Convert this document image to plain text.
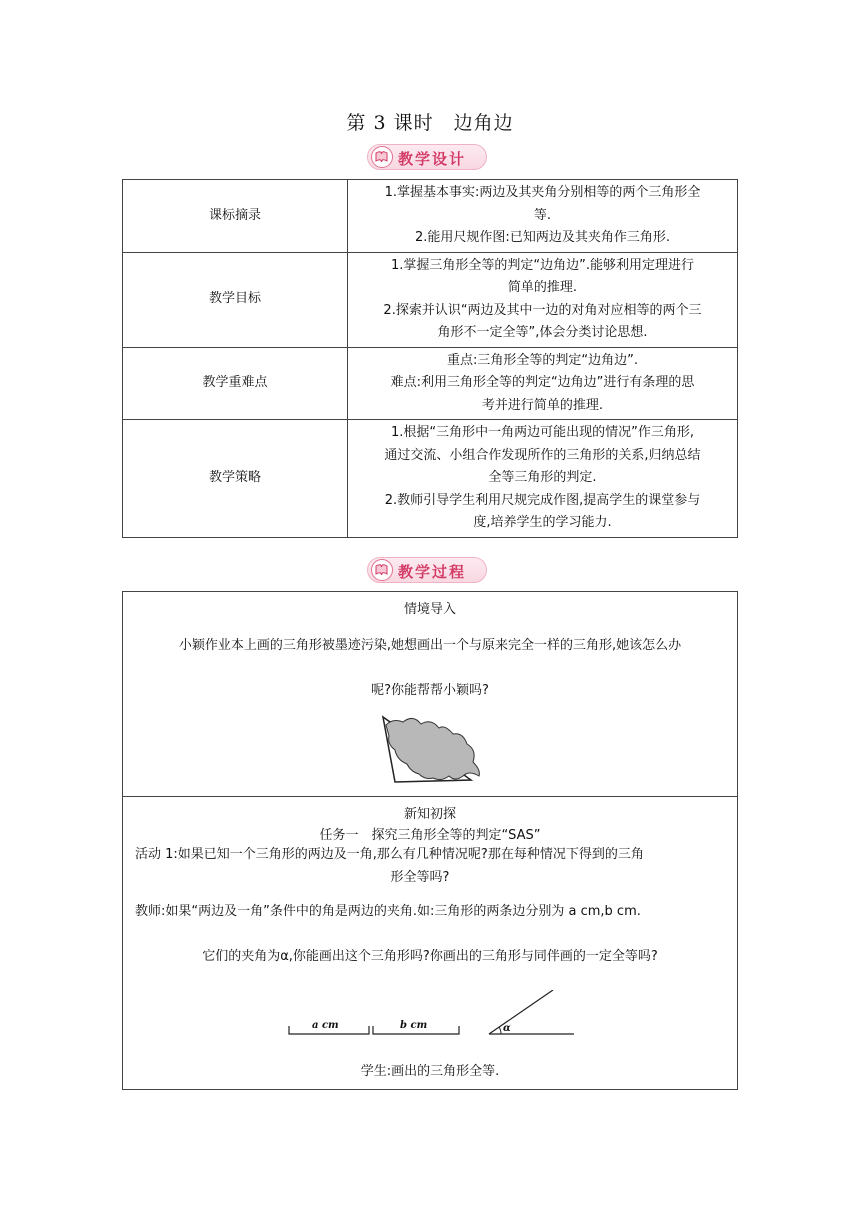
第 3 课时 边角边
教学设计
课标摘录	1.掌握基本事实:两边及其夹角分别相等的两个三角形全
等.
2.能用尺规作图:已知两边及其夹角作三角形.

教学目标	1.掌握三角形全等的判定“边角边”.能够利用定理进行
简单的推理.
2.探索并认识“两边及其中一边的对角对应相等的两个三
角形不一定全等”,体会分类讨论思想.

教学重难点	重点:三角形全等的判定“边角边”.
难点:利用三角形全等的判定“边角边”进行有条理的思
考并进行简单的推理.

教学策略	1.根据“三角形中一角两边可能出现的情况”作三角形,
通过交流、小组合作发现所作的三角形的关系,归纳总结
全等三角形的判定.
2.教师引导学生利用尺规完成作图,提高学生的课堂参与
度,培养学生的学习能力.
教学过程
情境导入
小颖作业本上画的三角形被墨迹污染,她想画出一个与原来完全一样的三角形,她该怎么办
呢?你能帮帮小颖吗?
新知初探
任务一　探究三角形全等的判定“SAS”
活动 1:如果已知一个三角形的两边及一角,那么有几种情况呢?那在每种情况下得到的三角
形全等吗?
教师:如果“两边及一角”条件中的角是两边的夹角.如:三角形的两条边分别为 a cm,b cm.
它们的夹角为α,你能画出这个三角形吗?你画出的三角形与同伴画的一定全等吗?
a cm	b cm	α
学生:画出的三角形全等.
